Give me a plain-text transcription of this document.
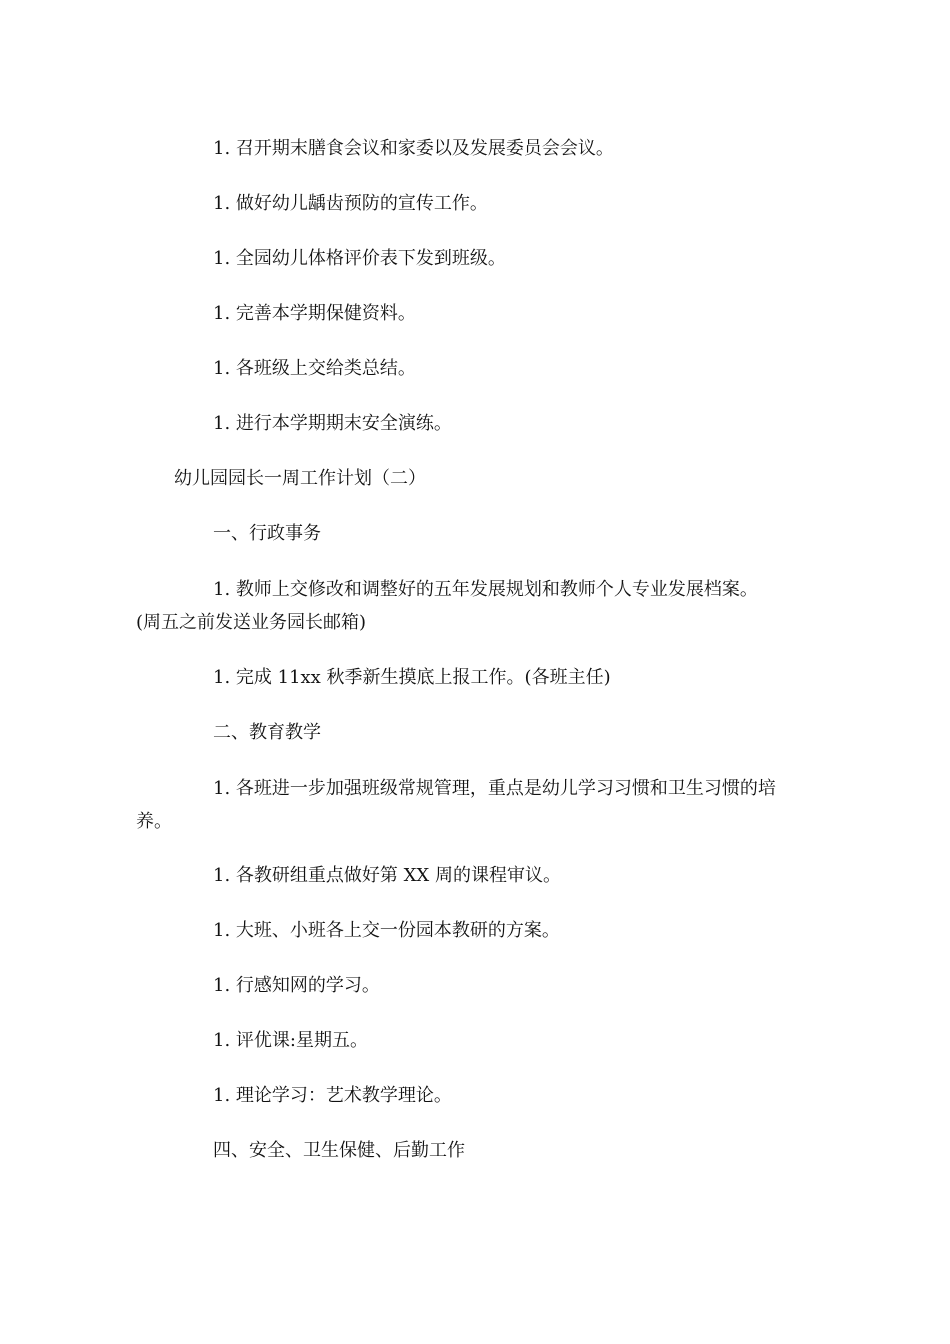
1. 召开期末膳食会议和家委以及发展委员会会议。
1. 做好幼儿龋齿预防的宣传工作。
1. 全园幼儿体格评价表下发到班级。
1. 完善本学期保健资料。
1. 各班级上交给类总结。
1. 进行本学期期末安全演练。
幼儿园园长一周工作计划（二）
一、行政事务
1. 教师上交修改和调整好的五年发展规划和教师个人专业发展档案。
(周五之前发送业务园长邮箱)
1. 完成 11xx 秋季新生摸底上报工作。(各班主任)
二、教育教学
1. 各班进一步加强班级常规管理，重点是幼儿学习习惯和卫生习惯的培
养。
1. 各教研组重点做好第 XX 周的课程审议。
1. 大班、小班各上交一份园本教研的方案。
1. 行感知网的学习。
1. 评优课:星期五。
1. 理论学习：艺术教学理论。
四、安全、卫生保健、后勤工作
